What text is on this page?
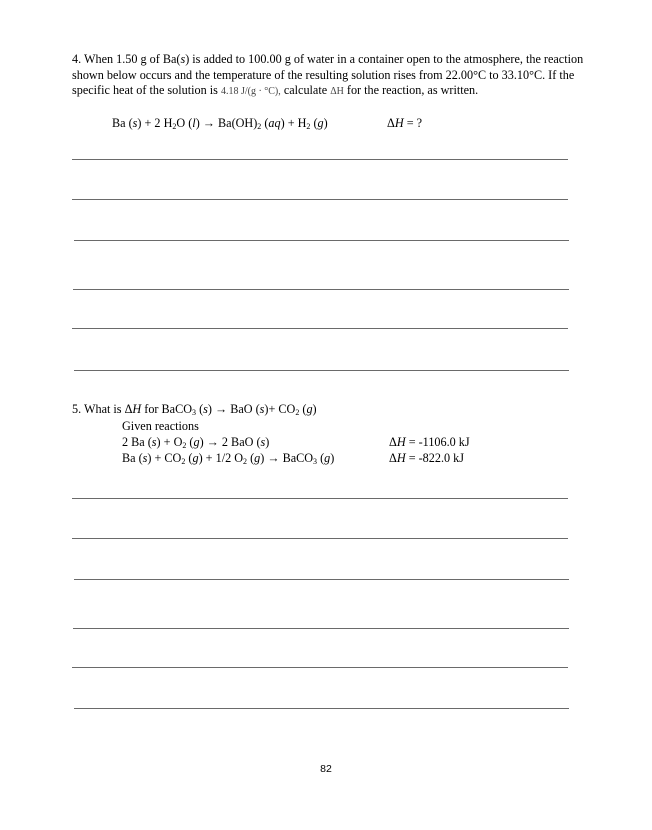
4. When 1.50 g of Ba(s) is added to 100.00 g of water in a container open to the atmosphere, the reaction shown below occurs and the temperature of the resulting solution rises from 22.00°C to 33.10°C. If the specific heat of the solution is 4.18 J/(g · °C), calculate ΔH for the reaction, as written.
Ba (s) + 2 $H_2O$ $(l) \to Ba(OH)_2$ $(aq) + H_2$ (g)	ΔH = ?
5. What is ΔH for BaCO$_3$ (s) → BaO $(s)+ CO_2$ (g)
Given reactions
2 Ba $(s) + O_2$ (g) → 2 BaO (s)	ΔH = -1106.0 kJ
Ba $(s) + CO_2$ (g) + 1/2 $O_2$ (g) → BaCO$_3$ (g)	ΔH = -822.0 kJ
82
